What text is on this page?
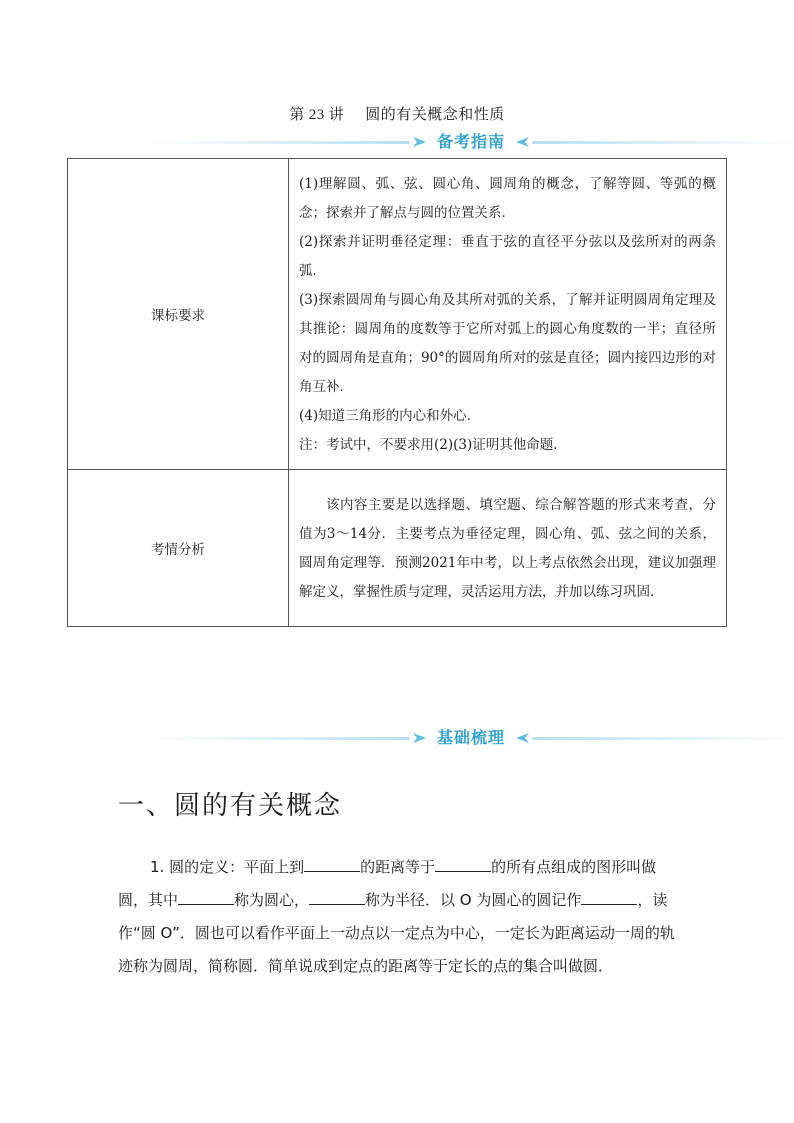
第 23 讲 圆的有关概念和性质
备考指南
课标要求	(1)理解圆、弧、弦、圆心角、圆周角的概念，了解等圆、等弧的概念；探索并了解点与圆的位置关系．

(2)探索并证明垂径定理：垂直于弦的直径平分弦以及弦所对的两条弧．

(3)探索圆周角与圆心角及其所对弧的关系，了解并证明圆周角定理及其推论：圆周角的度数等于它所对弧上的圆心角度数的一半；直径所对的圆周角是直角；90°的圆周角所对的弦是直径；圆内接四边形的对角互补．

(4)知道三角形的内心和外心．

注：考试中，不要求用(2)(3)证明其他命题．

考情分析	该内容主要是以选择题、填空题、综合解答题的形式来考查，分值为3～14分．主要考点为垂径定理，圆心角、弧、弦之间的关系，圆周角定理等．预测2021年中考，以上考点依然会出现，建议加强理解定义，掌握性质与定理，灵活运用方法，并加以练习巩固．

基础梳理
一、圆的有关概念
1. 圆的定义：平面上到	的距离等于	的所有点组成的图形叫做圆，其中	称为圆心，	称为半径．以 O 为圆心的圆记作	，读作“圆 O”．圆也可以看作平面上一动点以一定点为中心，一定长为距离运动一周的轨迹称为圆周，简称圆．简单说成到定点的距离等于定长的点的集合叫做圆．
